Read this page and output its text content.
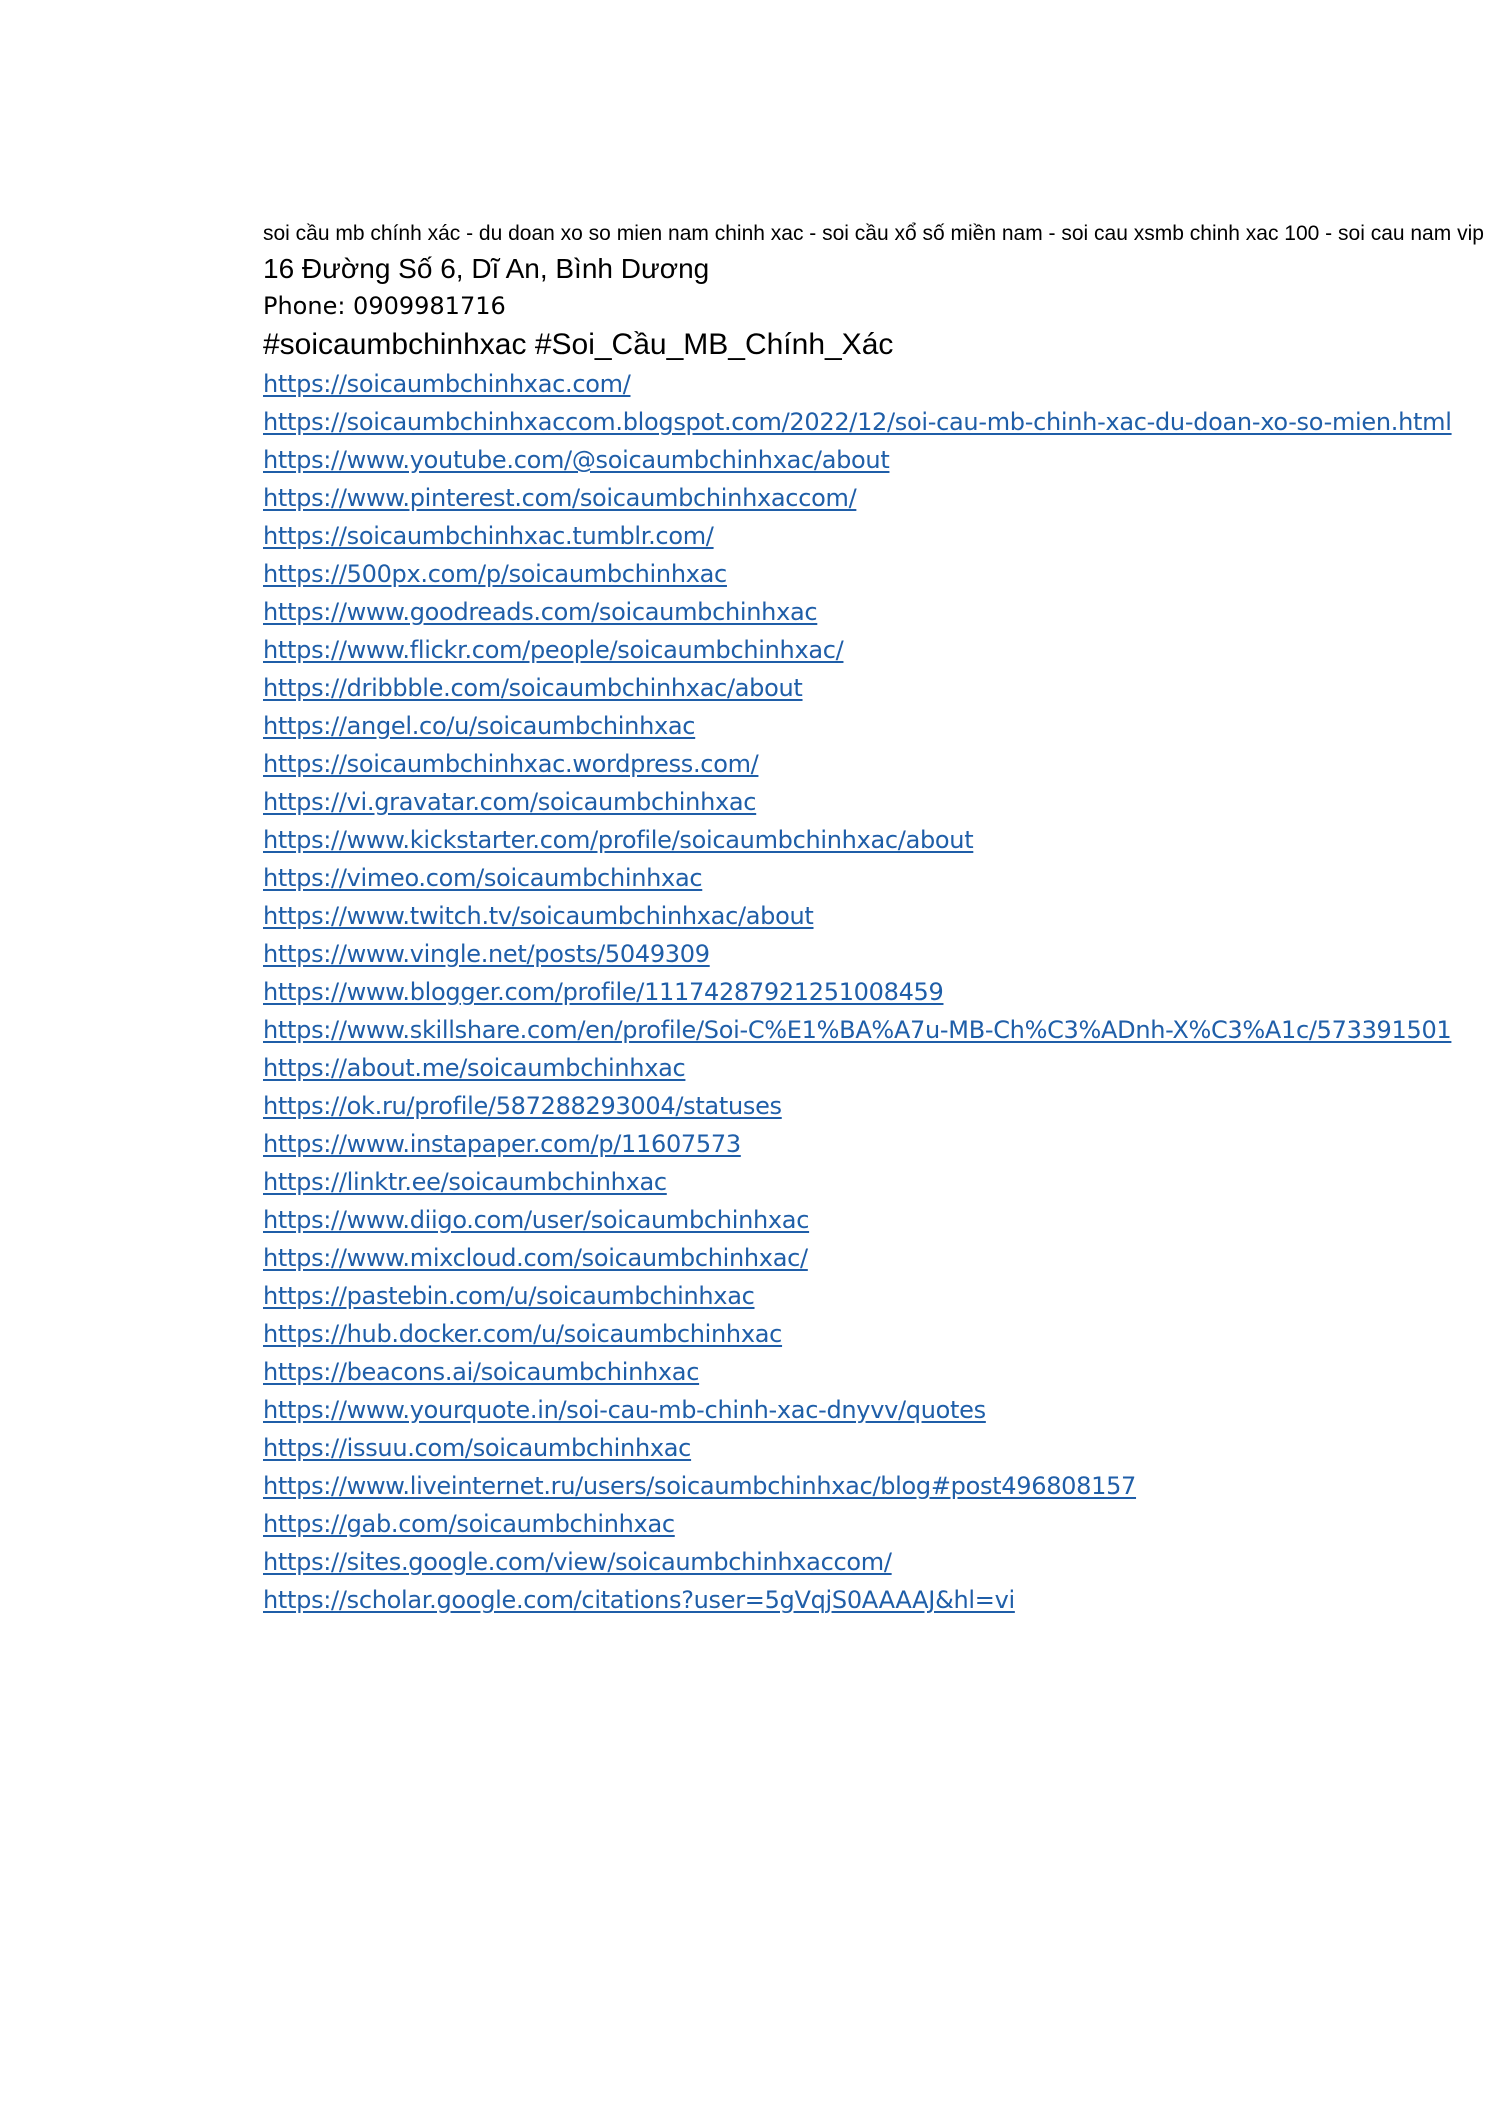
soi cầu mb chính xác - du doan xo so mien nam chinh xac - soi cầu xổ số miền nam - soi cau xsmb chinh xac 100 - soi cau nam vip

16 Đường Số 6, Dĩ An, Bình Dương

Phone: 0909981716

#soicaumbchinhxac #Soi_Cầu_MB_Chính_Xác

https://soicaumbchinhxac.com/
https://soicaumbchinhxaccom.blogspot.com/2022/12/soi-cau-mb-chinh-xac-du-doan-xo-so-mien.html
https://www.youtube.com/@soicaumbchinhxac/about
https://www.pinterest.com/soicaumbchinhxaccom/
https://soicaumbchinhxac.tumblr.com/
https://500px.com/p/soicaumbchinhxac
https://www.goodreads.com/soicaumbchinhxac
https://www.flickr.com/people/soicaumbchinhxac/
https://dribbble.com/soicaumbchinhxac/about
https://angel.co/u/soicaumbchinhxac
https://soicaumbchinhxac.wordpress.com/
https://vi.gravatar.com/soicaumbchinhxac
https://www.kickstarter.com/profile/soicaumbchinhxac/about
https://vimeo.com/soicaumbchinhxac
https://www.twitch.tv/soicaumbchinhxac/about
https://www.vingle.net/posts/5049309
https://www.blogger.com/profile/11174287921251008459
https://www.skillshare.com/en/profile/Soi-C%E1%BA%A7u-MB-Ch%C3%ADnh-X%C3%A1c/573391501
https://about.me/soicaumbchinhxac
https://ok.ru/profile/587288293004/statuses
https://www.instapaper.com/p/11607573
https://linktr.ee/soicaumbchinhxac
https://www.diigo.com/user/soicaumbchinhxac
https://www.mixcloud.com/soicaumbchinhxac/
https://pastebin.com/u/soicaumbchinhxac
https://hub.docker.com/u/soicaumbchinhxac
https://beacons.ai/soicaumbchinhxac
https://www.yourquote.in/soi-cau-mb-chinh-xac-dnyvv/quotes
https://issuu.com/soicaumbchinhxac
https://www.liveinternet.ru/users/soicaumbchinhxac/blog#post496808157
https://gab.com/soicaumbchinhxac
https://sites.google.com/view/soicaumbchinhxaccom/
https://scholar.google.com/citations?user=5gVqjS0AAAAJ&hl=vi
